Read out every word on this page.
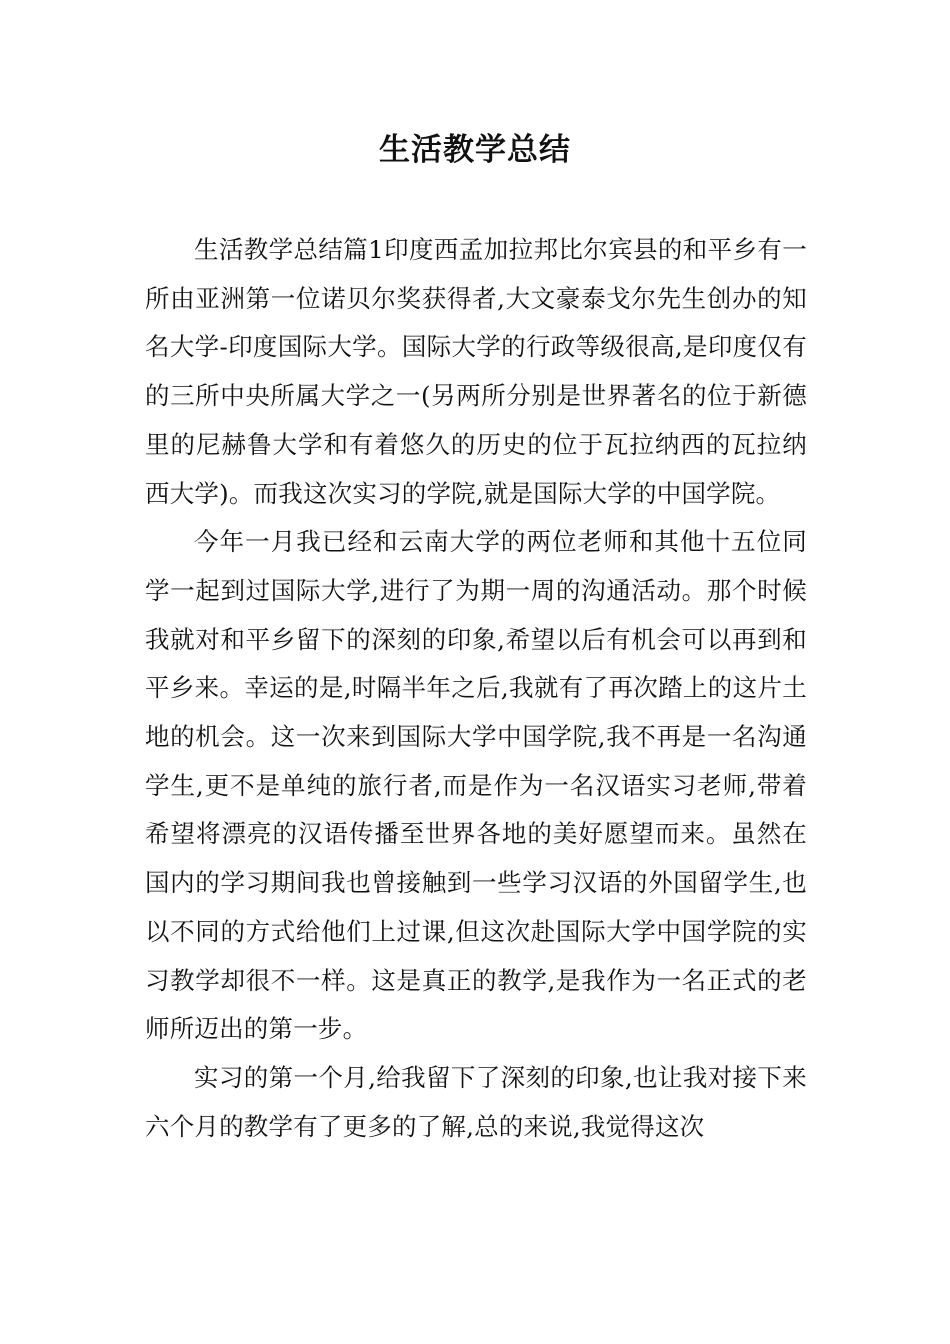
生活教学总结

生活教学总结篇1印度西孟加拉邦比尔宾县的和平乡有一所由亚洲第一位诺贝尔奖获得者,大文豪泰戈尔先生创办的知名大学-印度国际大学。国际大学的行政等级很高,是印度仅有的三所中央所属大学之一(另两所分别是世界著名的位于新德里的尼赫鲁大学和有着悠久的历史的位于瓦拉纳西的瓦拉纳西大学)。而我这次实习的学院,就是国际大学的中国学院。

今年一月我已经和云南大学的两位老师和其他十五位同学一起到过国际大学,进行了为期一周的沟通活动。那个时候我就对和平乡留下的深刻的印象,希望以后有机会可以再到和平乡来。幸运的是,时隔半年之后,我就有了再次踏上的这片土地的机会。这一次来到国际大学中国学院,我不再是一名沟通学生,更不是单纯的旅行者,而是作为一名汉语实习老师,带着希望将漂亮的汉语传播至世界各地的美好愿望而来。虽然在国内的学习期间我也曾接触到一些学习汉语的外国留学生,也以不同的方式给他们上过课,但这次赴国际大学中国学院的实习教学却很不一样。这是真正的教学,是我作为一名正式的老师所迈出的第一步。

实习的第一个月,给我留下了深刻的印象,也让我对接下来六个月的教学有了更多的了解,总的来说,我觉得这次
